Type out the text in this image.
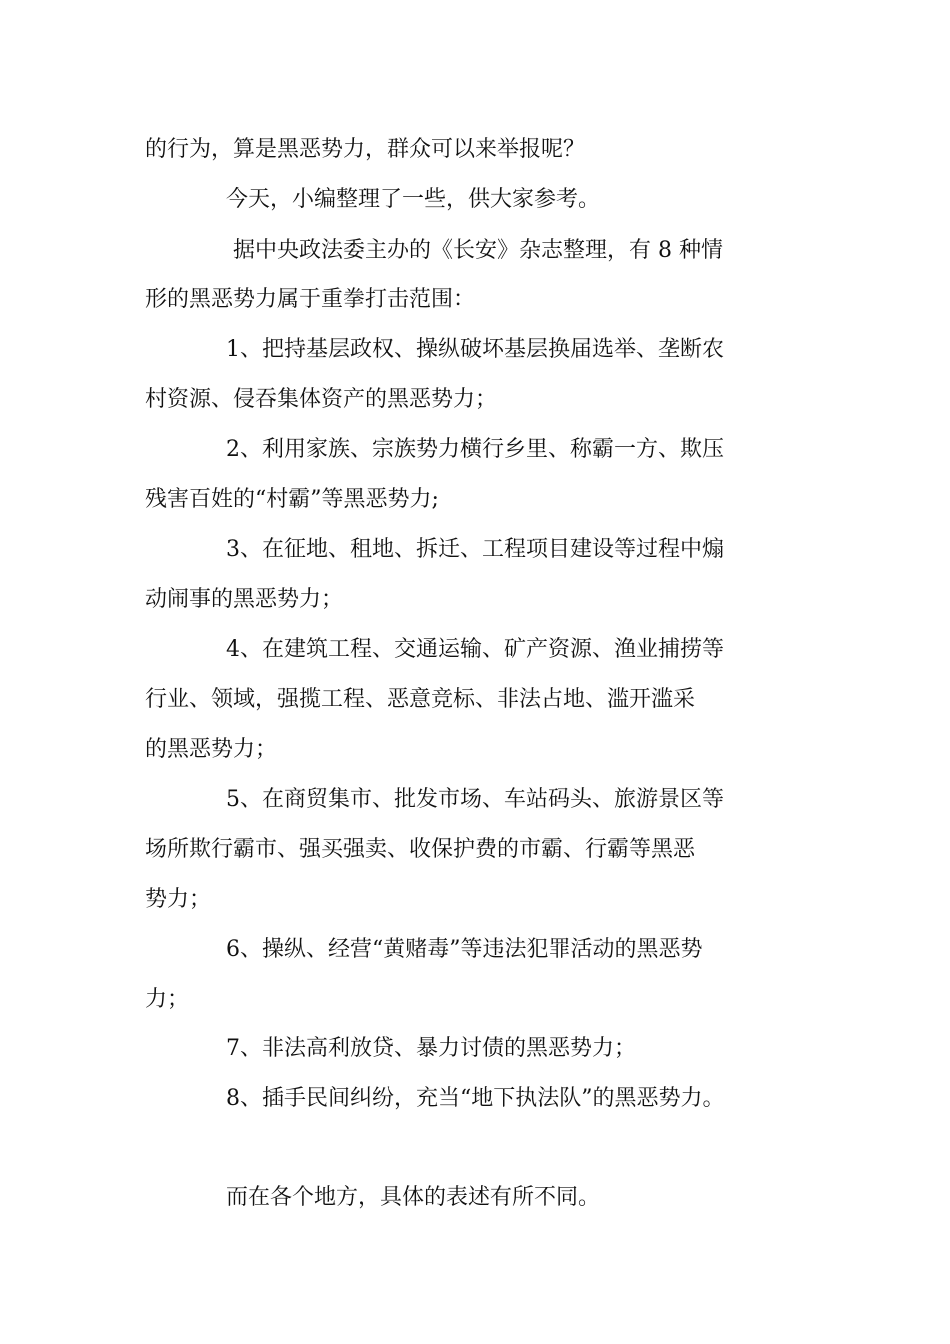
的行为，算是黑恶势力，群众可以来举报呢？

今天，小编整理了一些，供大家参考。

据中央政法委主办的《长安》杂志整理，有 8 种情

形的黑恶势力属于重拳打击范围：

1、把持基层政权、操纵破坏基层换届选举、垄断农

村资源、侵吞集体资产的黑恶势力；

2、利用家族、宗族势力横行乡里、称霸一方、欺压

残害百姓的“村霸”等黑恶势力;

3、在征地、租地、拆迁、工程项目建设等过程中煽

动闹事的黑恶势力；

4、在建筑工程、交通运输、矿产资源、渔业捕捞等

行业、领域，强揽工程、恶意竞标、非法占地、滥开滥采

的黑恶势力；

5、在商贸集市、批发市场、车站码头、旅游景区等

场所欺行霸市、强买强卖、收保护费的市霸、行霸等黑恶

势力；

6、操纵、经营“黄赌毒”等违法犯罪活动的黑恶势

力；

7、非法高利放贷、暴力讨债的黑恶势力；

8、插手民间纠纷，充当“地下执法队”的黑恶势力。

而在各个地方，具体的表述有所不同。
